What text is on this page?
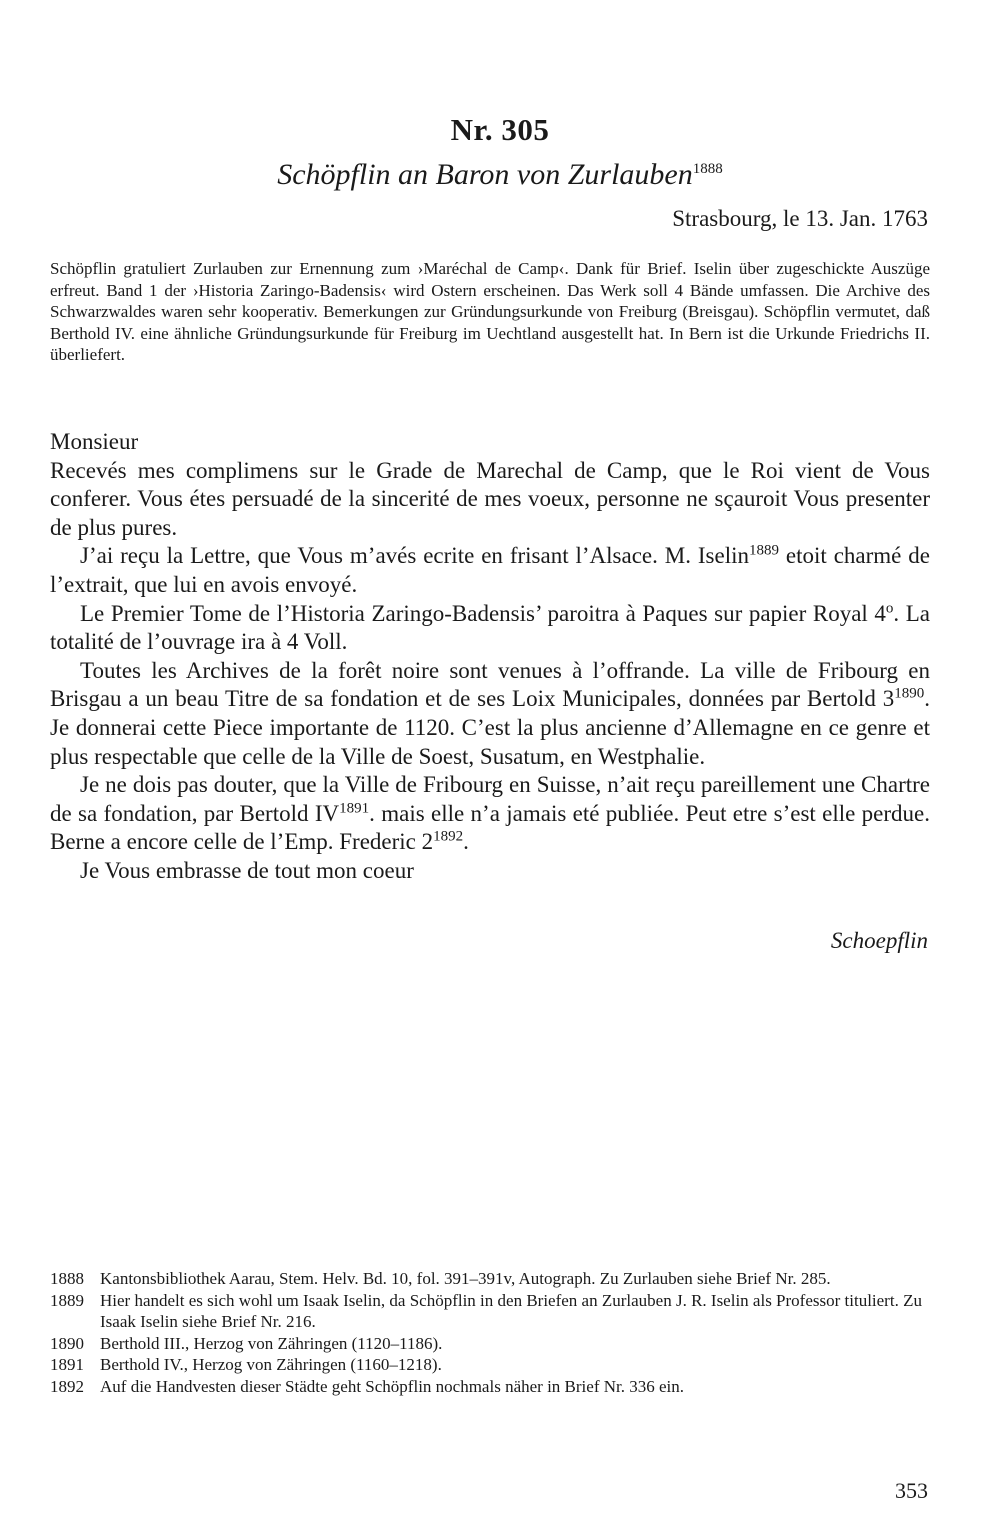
Nr. 305
Schöpflin an Baron von Zurlauben$^{1888}$
Strasbourg, le 13. Jan. 1763
Schöpflin gratuliert Zurlauben zur Ernennung zum ›Maréchal de Camp‹. Dank für Brief. Iselin über zugeschickte Auszüge erfreut. Band 1 der ›Historia Zaringo-Badensis‹ wird Ostern erscheinen. Das Werk soll 4 Bände umfassen. Die Archive des Schwarzwaldes waren sehr kooperativ. Bemerkungen zur Gründungsurkunde von Freiburg (Breisgau). Schöpflin vermutet, daß Berthold IV. eine ähnliche Gründungsurkunde für Freiburg im Uechtland ausgestellt hat. In Bern ist die Urkunde Friedrichs II. überliefert.

Monsieur

Recevés mes complimens sur le Grade de Marechal de Camp, que le Roi vient de Vous conferer. Vous étes persuadé de la sincerité de mes voeux, personne ne sçauroit Vous presenter de plus pures.

J’ai reçu la Lettre, que Vous m’avés ecrite en frisant l’Alsace. M. Iselin$^{1889}$ etoit charmé de l’extrait, que lui en avois envoyé.

Le Premier Tome de l’Historia Zaringo-Badensis’ paroitra à Paques sur papier Royal 4$^o$. La totalité de l’ouvrage ira à 4 Voll.

Toutes les Archives de la forêt noire sont venues à l’offrande. La ville de Fribourg en Brisgau a un beau Titre de sa fondation et de ses Loix Municipales, données par Bertold $3^{1890}$. Je donnerai cette Piece importante de 1120. C’est la plus ancienne d’Allemagne en ce genre et plus respectable que celle de la Ville de Soest, Susatum, en Westphalie.

Je ne dois pas douter, que la Ville de Fribourg en Suisse, n’ait reçu pareillement une Chartre de sa fondation, par Bertold $IV^{1891}$. mais elle n’a jamais eté publiée. Peut etre s’est elle perdue. Berne a encore celle de l’Emp. Frederic $2^{1892}$.

Je Vous embrasse de tout mon coeur

Schoepflin

1888 Kantonsbibliothek Aarau, Stem. Helv. Bd. 10, fol. 391–391v, Autograph. Zu Zurlauben siehe Brief Nr. 285.

1889 Hier handelt es sich wohl um Isaak Iselin, da Schöpflin in den Briefen an Zurlauben J. R. Iselin als Professor tituliert. Zu Isaak Iselin siehe Brief Nr. 216.

1890 Berthold III., Herzog von Zähringen (1120–1186).

1891 Berthold IV., Herzog von Zähringen (1160–1218).

1892 Auf die Handvesten dieser Städte geht Schöpflin nochmals näher in Brief Nr. 336 ein.

353
